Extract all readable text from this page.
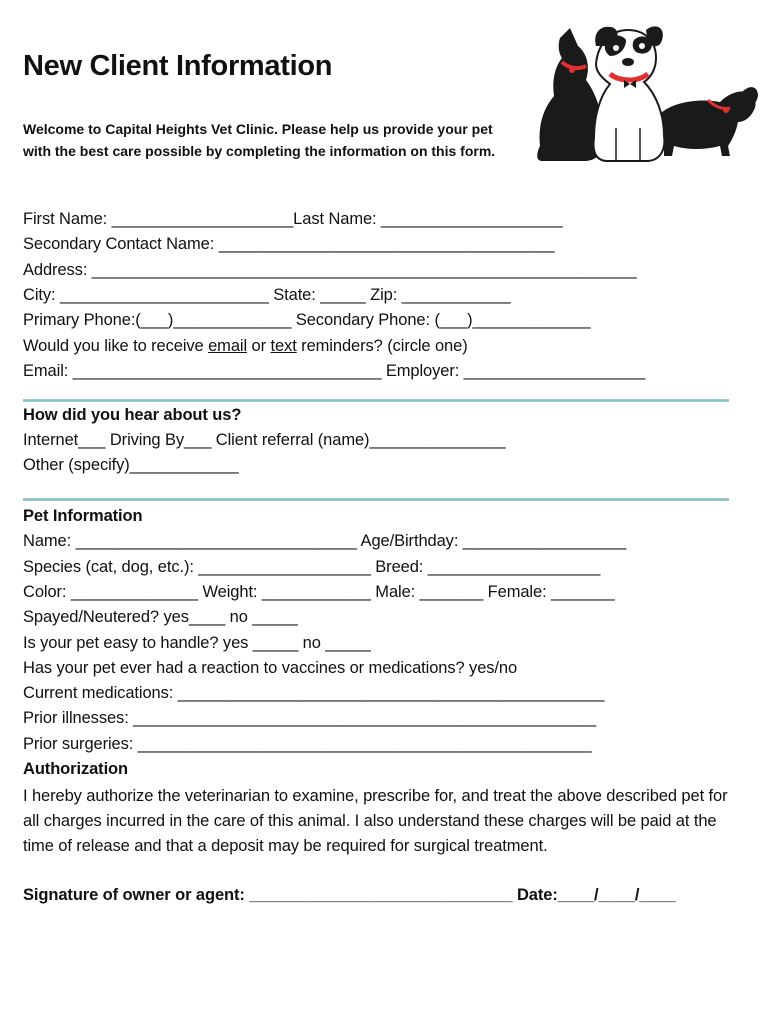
New Client Information
Welcome to Capital Heights Vet Clinic. Please help us provide your pet with the best care possible by completing the information on this form.
First Name: ____________________Last Name: ____________________
Secondary Contact Name: _____________________________________
Address: ____________________________________________________________
City: _______________________ State: _____ Zip: ____________
Primary Phone:(___)_____________ Secondary Phone: (___)_____________
Would you like to receive email or text reminders? (circle one)
Email: __________________________________ Employer: ____________________
How did you hear about us?
Internet___ Driving By___ Client referral (name)_______________
Other (specify)____________
Pet Information
Name: _______________________________ Age/Birthday: __________________
Species (cat, dog, etc.): ___________________ Breed: ___________________
Color: ______________ Weight: ____________ Male: _______ Female: _______
Spayed/Neutered? yes____ no _____
Is your pet easy to handle? yes _____ no _____
Has your pet ever had a reaction to vaccines or medications? yes/no
Current medications: _______________________________________________
Prior illnesses: ___________________________________________________
Prior surgeries: __________________________________________________
Authorization
I hereby authorize the veterinarian to examine, prescribe for, and treat the above described pet for all charges incurred in the care of this animal. I also understand these charges will be paid at the time of release and that a deposit may be required for surgical treatment.
Signature of owner or agent: _____________________________ Date:____/____/____
